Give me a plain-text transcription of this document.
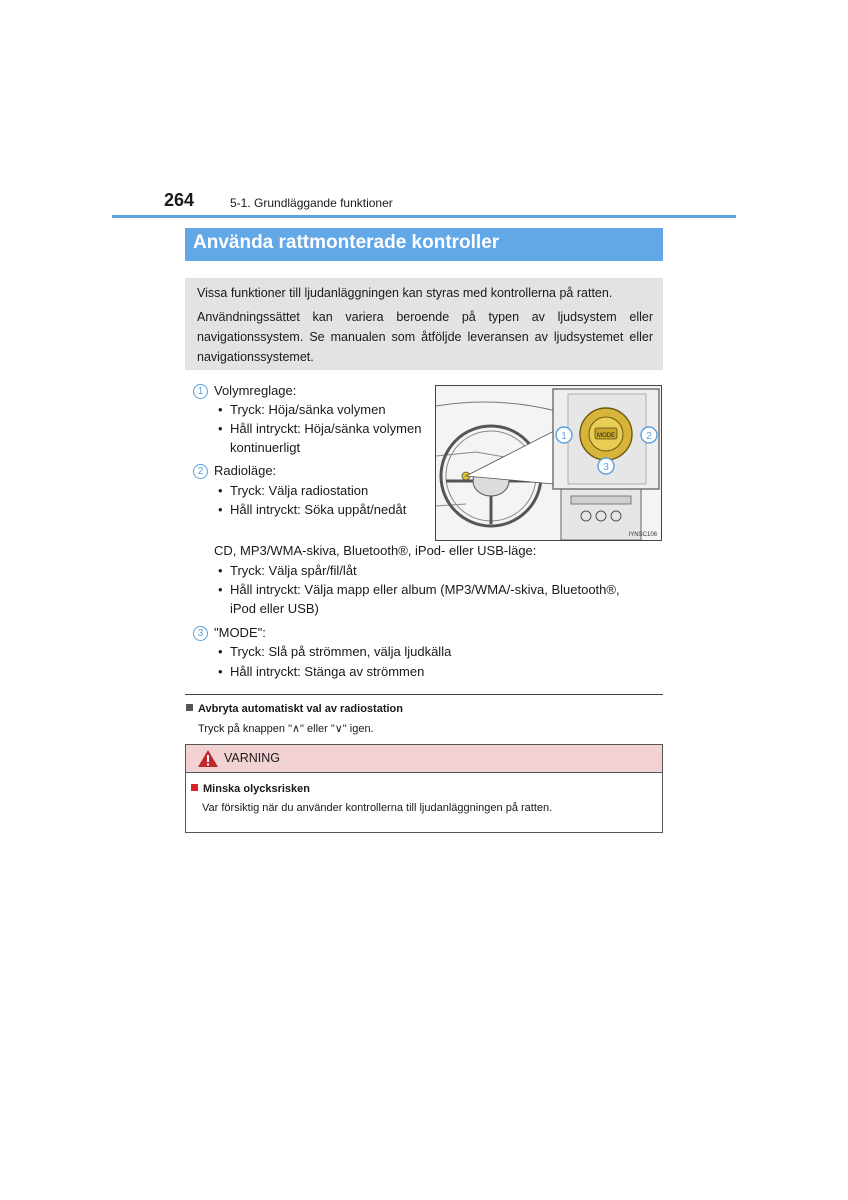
264	5-1. Grundläggande funktioner
Använda rattmonterade kontroller

Vissa funktioner till ljudanläggningen kan styras med kontrollerna på ratten.

Användningssättet kan variera beroende på typen av ljudsystem eller navigationssystem. Se manualen som åtföljde leveransen av ljudsystemet eller navigationssystemet.

1 Volymreglage:
• Tryck: Höja/sänka volymen
• Håll intryckt: Höja/sänka volymen
kontinuerligt
2 Radioläge:
• Tryck: Välja radiostation
• Håll intryckt: Söka uppåt/nedåt
CD, MP3/WMA-skiva, Bluetooth®, iPod- eller USB-läge:
• Tryck: Välja spår/fil/låt
• Håll intryckt: Välja mapp eller album (MP3/WMA/-skiva, Bluetooth®,
iPod eller USB)
3 "MODE":
• Tryck: Slå på strömmen, välja ljudkälla
• Håll intryckt: Stänga av strömmen
MODE
1	2
3
IYNSC106
Avbryta automatiskt val av radiostation
Tryck på knappen "∧" eller "∨" igen.
VARNING
Minska olycksrisken
Var försiktig när du använder kontrollerna till ljudanläggningen på ratten.
